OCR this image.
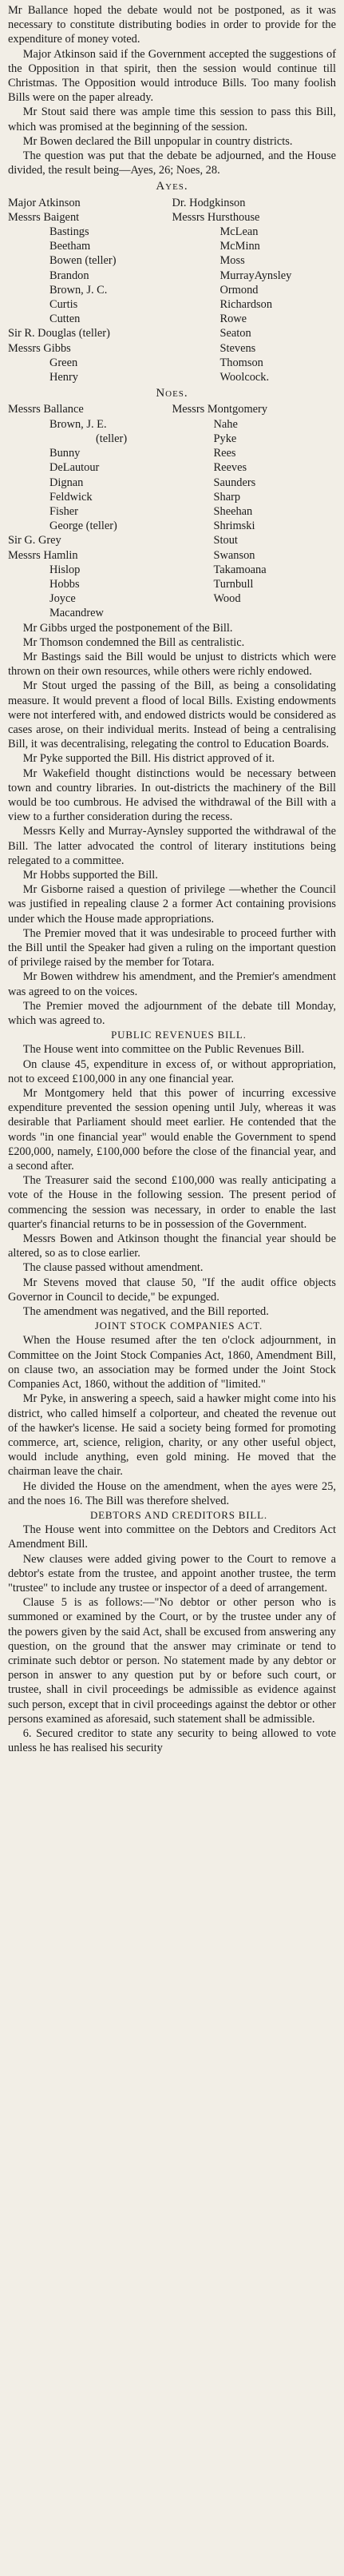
Mr Ballance hoped the debate would not be postponed, as it was necessary to constitute distributing bodies in order to provide for the expenditure of money voted.

Major Atkinson said if the Government accepted the suggestions of the Opposition in that spirit, then the session would continue till Christmas. The Opposition would introduce Bills. Too many foolish Bills were on the paper already.

Mr Stout said there was ample time this session to pass this Bill, which was promised at the beginning of the session.

Mr Bowen declared the Bill unpopular in country districts.

The question was put that the debate be adjourned, and the House divided, the result being—Ayes, 26; Noes, 28.

Ayes.
Major Atkinson
Messrs Baigent
Bastings
Beetham
Bowen (teller)
Brandon
Brown, J. C.
Curtis
Cutten
Sir R. Douglas (teller)
Messrs Gibbs
Green
Henry
Dr. Hodgkinson
Messrs Hursthouse
McLean
McMinn
Moss
MurrayAynsley
Ormond
Richardson
Rowe
Seaton
Stevens
Thomson
Woolcock.
Noes.
Messrs Ballance
Brown, J. E.
(teller)
Bunny
DeLautour
Dignan
Feldwick
Fisher
George (teller)
Sir G. Grey
Messrs Hamlin
Hislop
Hobbs
Joyce
Macandrew
Messrs Montgomery
Nahe
Pyke
Rees
Reeves
Saunders
Sharp
Sheehan
Shrimski
Stout
Swanson
Takamoana
Turnbull
Wood

Mr Gibbs urged the postponement of the Bill.

Mr Thomson condemned the Bill as centralistic.

Mr Bastings said the Bill would be unjust to districts which were thrown on their own resources, while others were richly endowed.

Mr Stout urged the passing of the Bill, as being a consolidating measure. It would prevent a flood of local Bills. Existing endowments were not interfered with, and endowed districts would be considered as cases arose, on their individual merits. Instead of being a centralising Bill, it was decentralising, relegating the control to Education Boards.

Mr Pyke supported the Bill. His district approved of it.

Mr Wakefield thought distinctions would be necessary between town and country libraries. In out-districts the machinery of the Bill would be too cumbrous. He advised the withdrawal of the Bill with a view to a further consideration during the recess.

Messrs Kelly and Murray-Aynsley supported the withdrawal of the Bill. The latter advocated the control of literary institutions being relegated to a committee.

Mr Hobbs supported the Bill.

Mr Gisborne raised a question of privilege —whether the Council was justified in repealing clause 2 a former Act containing provisions under which the House made appropriations.

The Premier moved that it was undesirable to proceed further with the Bill until the Speaker had given a ruling on the important question of privilege raised by the member for Totara.

Mr Bowen withdrew his amendment, and the Premier's amendment was agreed to on the voices.

The Premier moved the adjournment of the debate till Monday, which was agreed to.

PUBLIC REVENUES BILL.

The House went into committee on the Public Revenues Bill.

On clause 45, expenditure in excess of, or without appropriation, not to exceed £100,000 in any one financial year.

Mr Montgomery held that this power of incurring excessive expenditure prevented the session opening until July, whereas it was desirable that Parliament should meet earlier. He contended that the words "in one financial year" would enable the Government to spend £200,000, namely, £100,000 before the close of the financial year, and a second after.

The Treasurer said the second £100,000 was really anticipating a vote of the House in the following session. The present period of commencing the session was necessary, in order to enable the last quarter's financial returns to be in possession of the Government.

Messrs Bowen and Atkinson thought the financial year should be altered, so as to close earlier.

The clause passed without amendment.

Mr Stevens moved that clause 50, "If the audit office objects Governor in Council to decide," be expunged.

The amendment was negatived, and the Bill reported.

JOINT STOCK COMPANIES ACT.

When the House resumed after the ten o'clock adjournment, in Committee on the Joint Stock Companies Act, 1860, Amendment Bill, on clause two, an association may be formed under the Joint Stock Companies Act, 1860, without the addition of "limited."

Mr Pyke, in answering a speech, said a hawker might come into his district, who called himself a colporteur, and cheated the revenue out of the hawker's license. He said a society being formed for promoting commerce, art, science, religion, charity, or any other useful object, would include anything, even gold mining. He moved that the chairman leave the chair.

He divided the House on the amendment, when the ayes were 25, and the noes 16. The Bill was therefore shelved.

DEBTORS AND CREDITORS BILL.

The House went into committee on the Debtors and Creditors Act Amendment Bill.

New clauses were added giving power to the Court to remove a debtor's estate from the trustee, and appoint another trustee, the term "trustee" to include any trustee or inspector of a deed of arrangement.

Clause 5 is as follows:—"No debtor or other person who is summoned or examined by the Court, or by the trustee under any of the powers given by the said Act, shall be excused from answering any question, on the ground that the answer may criminate or tend to criminate such debtor or person. No statement made by any debtor or person in answer to any question put by or before such court, or trustee, shall in civil proceedings be admissible as evidence against such person, except that in civil proceedings against the debtor or other persons examined as aforesaid, such statement shall be admissible.

6. Secured creditor to state any security to being allowed to vote unless he has realised his security
